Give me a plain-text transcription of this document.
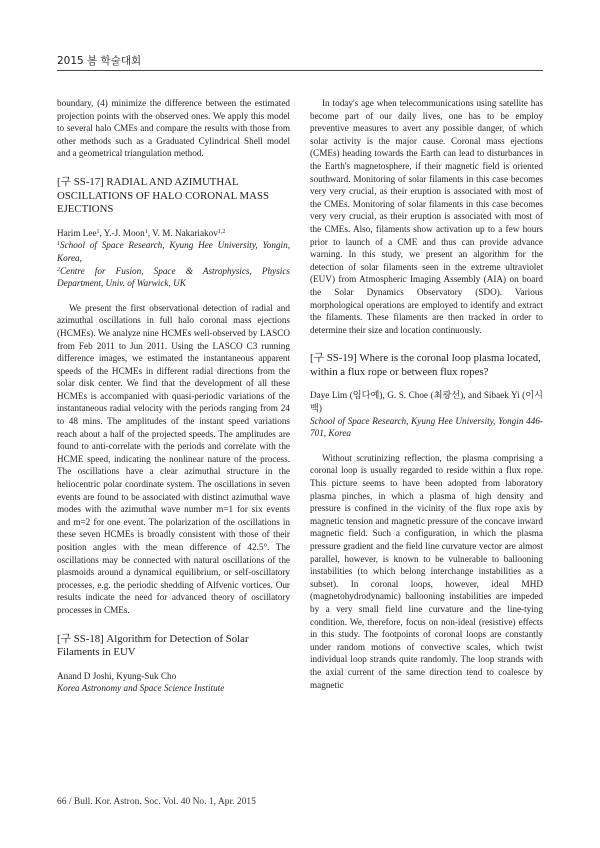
2015 봄 학술대회

boundary, (4) minimize the difference between the estimated projection points with the observed ones. We apply this model to several halo CMEs and compare the results with those from other methods such as a Graduated Cylindrical Shell model and a geometrical triangulation method.

[구 SS-17] RADIAL AND AZIMUTHAL OSCILLATIONS OF HALO CORONAL MASS EJECTIONS

Harim Lee$^1$, Y.-J. Moon$^1$, V. M. Nakariakov$^{1,2}$

$^1$School of Space Research, Kyung Hee University, Yongin, Korea,

$^2$Centre for Fusion, Space & Astrophysics, Physics Department, Univ. of Warwick, UK

We present the first observational detection of radial and azimuthal oscillations in full halo coronal mass ejections (HCMEs). We analyze nine HCMEs well-observed by LASCO from Feb 2011 to Jun 2011. Using the LASCO C3 running difference images, we estimated the instantaneous apparent speeds of the HCMEs in different radial directions from the solar disk center. We find that the development of all these HCMEs is accompanied with quasi-periodic variations of the instantaneous radial velocity with the periods ranging from 24 to 48 mins. The amplitudes of the instant speed variations reach about a half of the projected speeds. The amplitudes are found to anti-correlate with the periods and correlate with the HCME speed, indicating the nonlinear nature of the process. The oscillations have a clear azimuthal structure in the heliocentric polar coordinate system. The oscillations in seven events are found to be associated with distinct azimuthal wave modes with the azimuthal wave number m=1 for six events and m=2 for one event. The polarization of the oscillations in these seven HCMEs is broadly consistent with those of their position angles with the mean difference of 42.5°. The oscillations may be connected with natural oscillations of the plasmoids around a dynamical equilibrium, or self-oscillatory processes, e.g. the periodic shedding of Alfvenic vortices. Our results indicate the need for advanced theory of oscillatory processes in CMEs.

[구 SS-18] Algorithm for Detection of Solar Filaments in EUV

Anand D Joshi, Kyung-Suk Cho

Korea Astronomy and Space Science Institute

In today's age when telecommunications using satellite has become part of our daily lives, one has to be employ preventive measures to avert any possible danger, of which solar activity is the major cause. Coronal mass ejections (CMEs) heading towards the Earth can lead to disturbances in the Earth's magnetosphere, if their magnetic field is oriented southward. Monitoring of solar filaments in this case becomes very very crucial, as their eruption is associated with most of the CMEs. Monitoring of solar filaments in this case becomes very very crucial, as their eruption is associated with most of the CMEs. Also, filaments show activation up to a few hours prior to launch of a CME and thus can provide advance warning. In this study, we present an algorithm for the detection of solar filaments seen in the extreme ultraviolet (EUV) from Atmospheric Imaging Assembly (AIA) on board the Solar Dynamics Observatory (SDO). Various morphological operations are employed to identify and extract the filaments. These filaments are then tracked in order to determine their size and location continuously.

[구 SS-19] Where is the coronal loop plasma located, within a flux rope or between flux ropes?

Daye Lim (임다예), G. S. Choe (최광선), and Sibaek Yi (이시백)

School of Space Research, Kyung Hee University, Yongin 446-701, Korea

Without scrutinizing reflection, the plasma comprising a coronal loop is usually regarded to reside within a flux rope. This picture seems to have been adopted from laboratory plasma pinches, in which a plasma of high density and pressure is confined in the vicinity of the flux rope axis by magnetic tension and magnetic pressure of the concave inward magnetic field. Such a configuration, in which the plasma pressure gradient and the field line curvature vector are almost parallel, however, is known to be vulnerable to ballooning instabilities (to which belong interchange instabilities as a subset). In coronal loops, however, ideal MHD (magnetohydrodynamic) ballooning instabilities are impeded by a very small field line curvature and the line-tying condition. We, therefore, focus on non-ideal (resistive) effects in this study. The footpoints of coronal loops are constantly under random motions of convective scales, which twist individual loop strands quite randomly. The loop strands with the axial current of the same direction tend to coalesce by magnetic

66 / Bull. Kor. Astron. Soc. Vol. 40 No. 1, Apr. 2015
